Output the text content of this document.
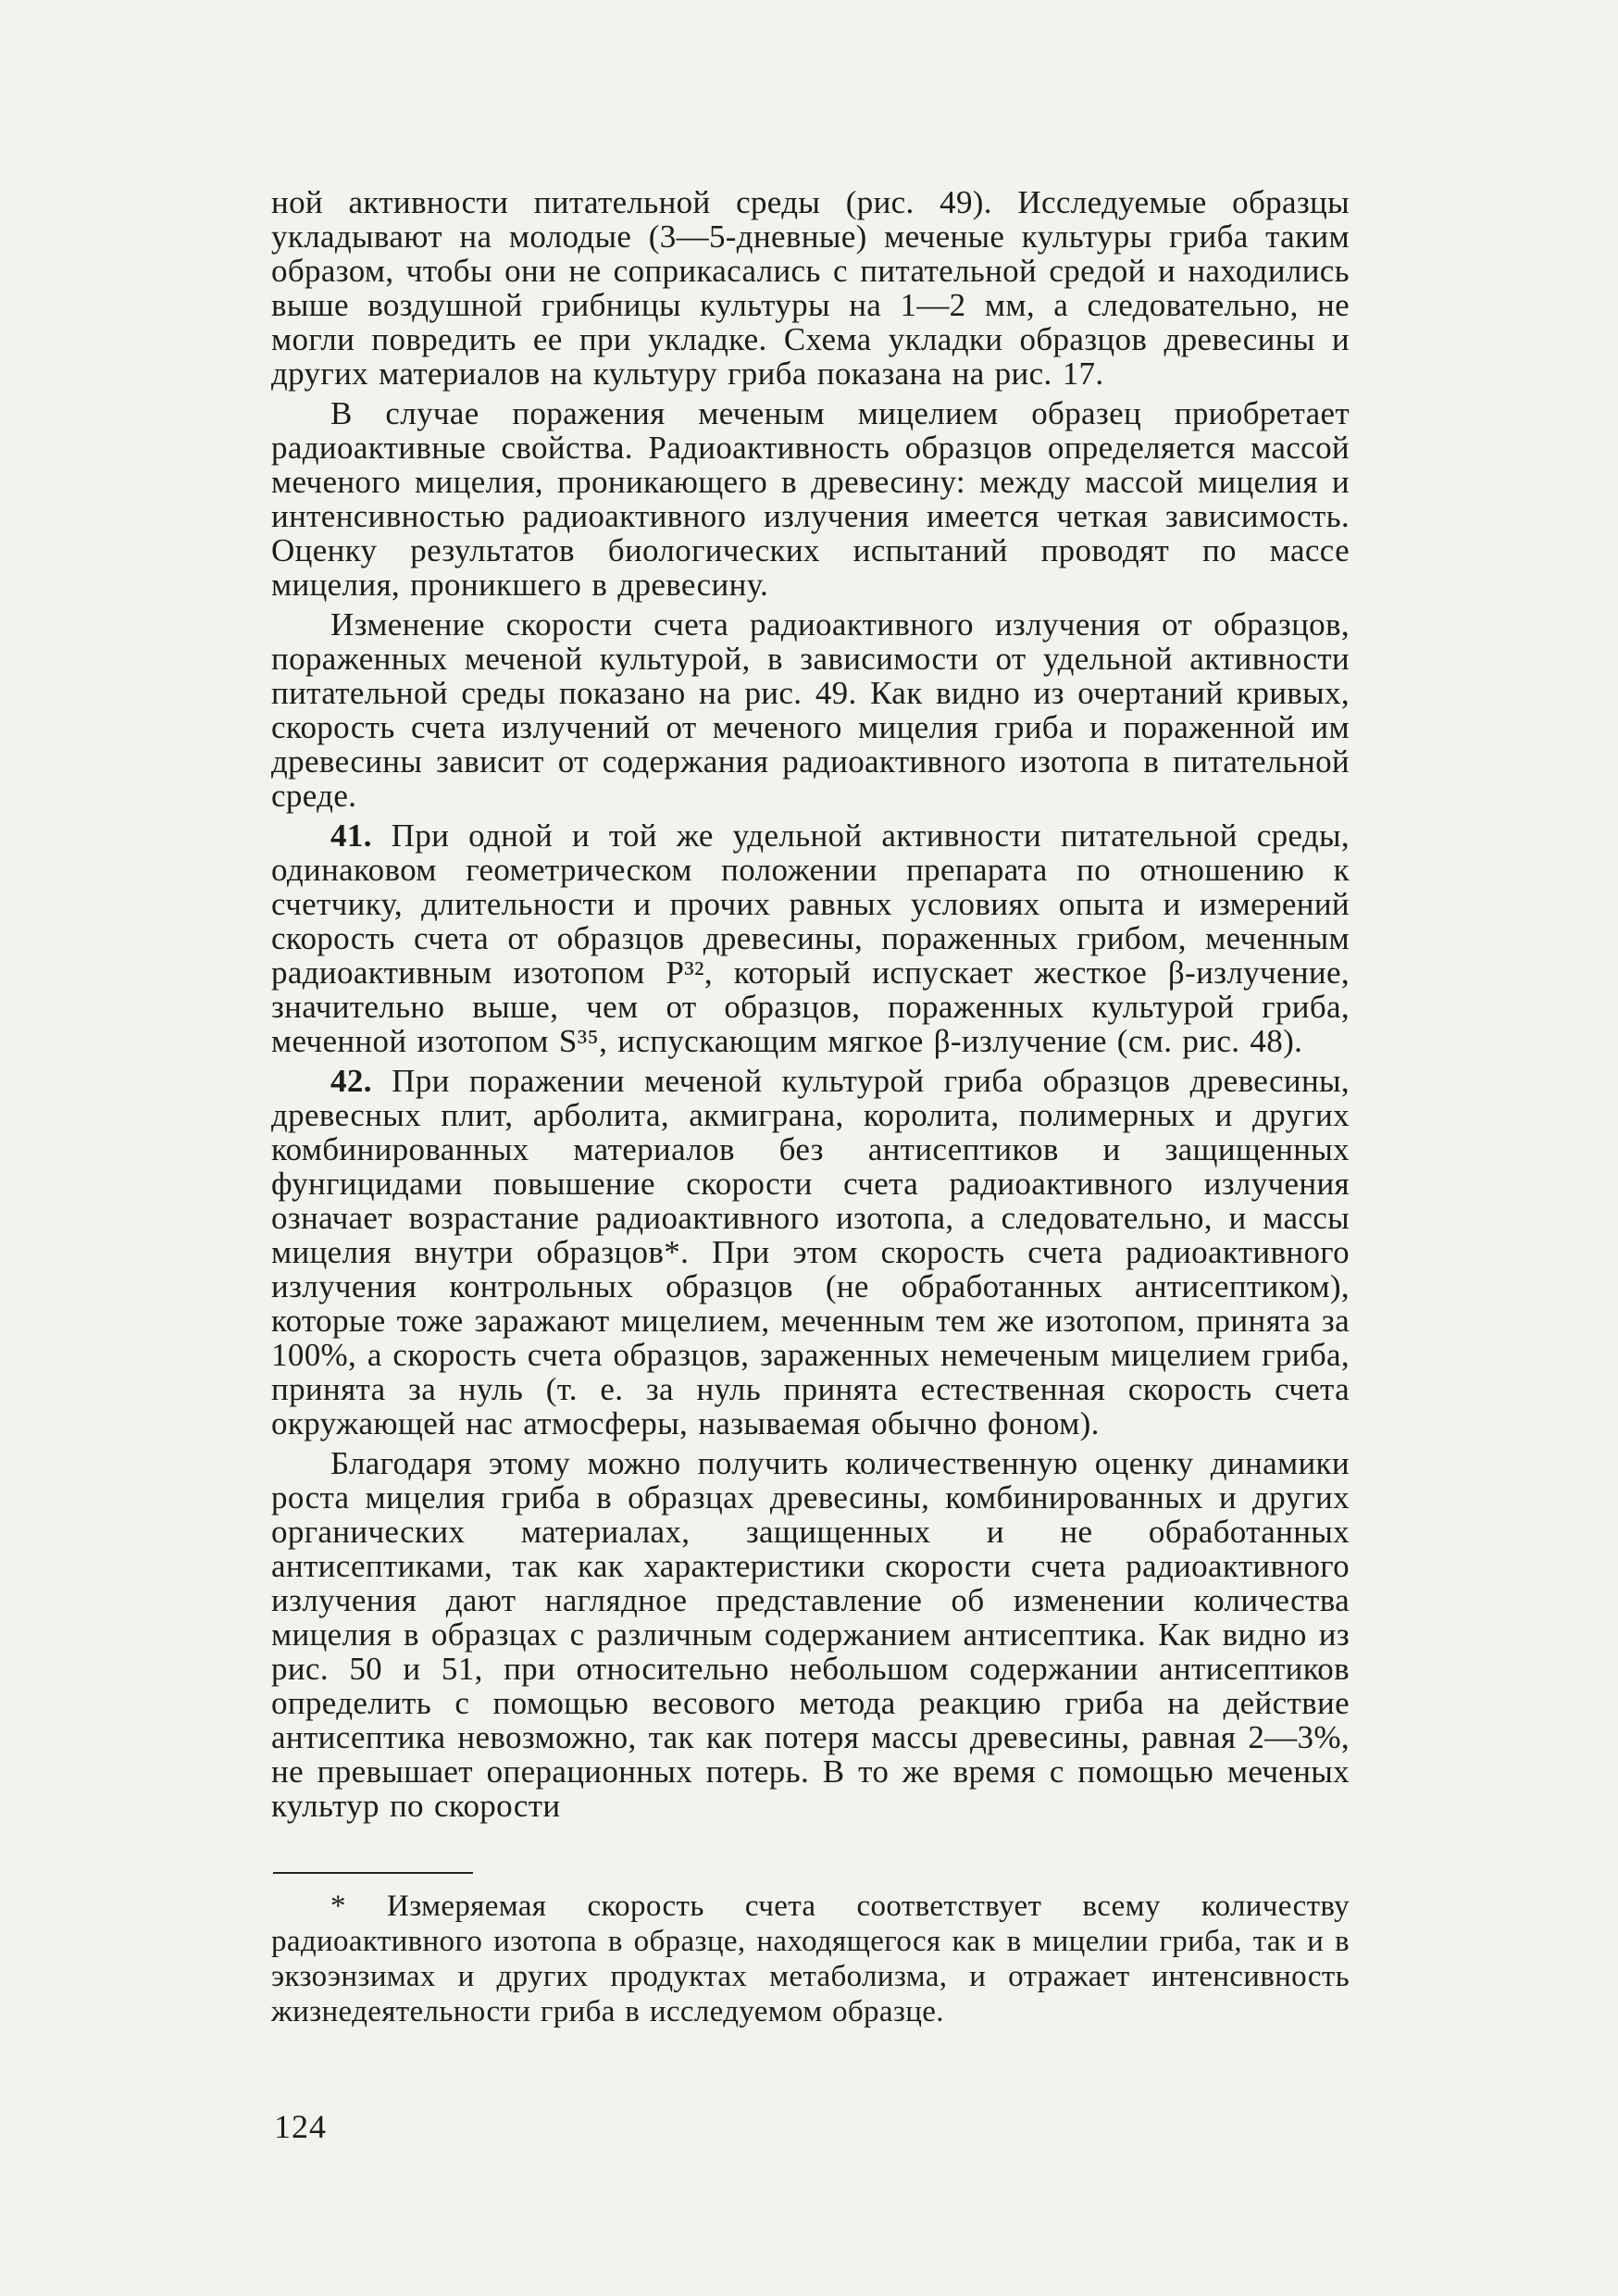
ной активности питательной среды (рис. 49). Исследуемые образцы укладывают на молодые (3—5-дневные) меченые культуры гриба таким образом, чтобы они не соприкасались с питательной средой и находились выше воздушной грибницы культуры на 1—2 мм, а следовательно, не могли повредить ее при укладке. Схема укладки образцов древесины и других материалов на культуру гриба показана на рис. 17.

В случае поражения меченым мицелием образец приобретает радиоактивные свойства. Радиоактивность образцов определяется массой меченого мицелия, проникающего в древесину: между массой мицелия и интенсивностью радиоактивного излучения имеется четкая зависимость. Оценку результатов биологических испытаний проводят по массе мицелия, проникшего в древесину.

Изменение скорости счета радиоактивного излучения от образцов, пораженных меченой культурой, в зависимости от удельной активности питательной среды показано на рис. 49. Как видно из очертаний кривых, скорость счета излучений от меченого мицелия гриба и пораженной им древесины зависит от содержания радиоактивного изотопа в питательной среде.

41. При одной и той же удельной активности питательной среды, одинаковом геометрическом положении препарата по отношению к счетчику, длительности и прочих равных условиях опыта и измерений скорость счета от образцов древесины, пораженных грибом, меченным радиоактивным изотопом Р³², который испускает жесткое β-излучение, значительно выше, чем от образцов, пораженных культурой гриба, меченной изотопом S³⁵, испускающим мягкое β-излучение (см. рис. 48).

42. При поражении меченой культурой гриба образцов древесины, древесных плит, арболита, акмиграна, королита, полимерных и других комбинированных материалов без антисептиков и защищенных фунгицидами повышение скорости счета радиоактивного излучения означает возрастание радиоактивного изотопа, а следовательно, и массы мицелия внутри образцов*. При этом скорость счета радиоактивного излучения контрольных образцов (не обработанных антисептиком), которые тоже заражают мицелием, меченным тем же изотопом, принята за 100%, а скорость счета образцов, зараженных немеченым мицелием гриба, принята за нуль (т. е. за нуль принята естественная скорость счета окружающей нас атмосферы, называемая обычно фоном).

Благодаря этому можно получить количественную оценку динамики роста мицелия гриба в образцах древесины, комбинированных и других органических материалах, защищенных и не обработанных антисептиками, так как характеристики скорости счета радиоактивного излучения дают наглядное представление об изменении количества мицелия в образцах с различным содержанием антисептика. Как видно из рис. 50 и 51, при относительно небольшом содержании антисептиков определить с помощью весового метода реакцию гриба на действие антисептика невозможно, так как потеря массы древесины, равная 2—3%, не превышает операционных потерь. В то же время с помощью меченых культур по скорости

* Измеряемая скорость счета соответствует всему количеству радиоактивного изотопа в образце, находящегося как в мицелии гриба, так и в экзоэнзимах и других продуктах метаболизма, и отражает интенсивность жизнедеятельности гриба в исследуемом образце.

124
